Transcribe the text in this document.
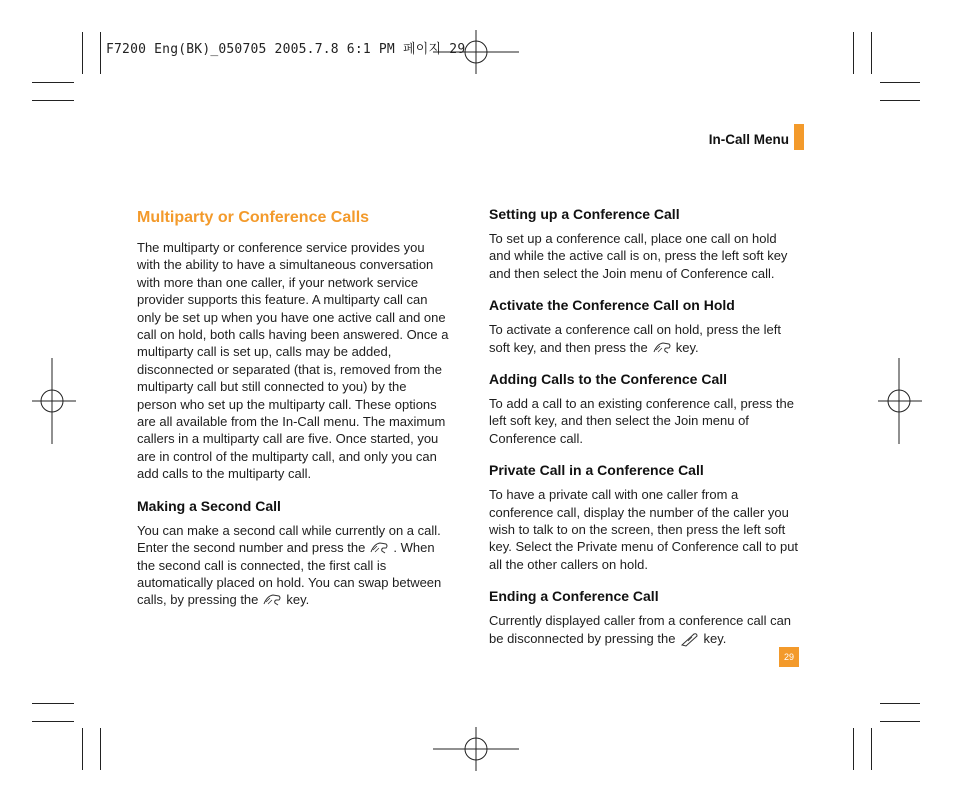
F7200 Eng(BK)_050705 2005.7.8 6:1 PM 페이지 29
In-Call Menu
Multiparty or Conference Calls

The multiparty or conference service provides you with the ability to have a simultaneous conversation with more than one caller, if your network service provider supports this feature. A multiparty call can only be set up when you have one active call and one call on hold, both calls having been answered. Once a multiparty call is set up, calls may be added, disconnected or separated (that is, removed from the multiparty call but still connected to you) by the person who set up the multiparty call. These options are all available from the In-Call menu. The maximum callers in a multiparty call are five. Once started, you are in control of the multiparty call, and only you can add calls to the multiparty call.

Making a Second Call

You can make a second call while currently on a call. Enter the second number and press the . When the second call is connected, the first call is automatically placed on hold. You can swap between calls, by pressing the key.

Setting up a Conference Call

To set up a conference call, place one call on hold and while the active call is on, press the left soft key and then select the Join menu of Conference call.

Activate the Conference Call on Hold

To activate a conference call on hold, press the left soft key, and then press the key.

Adding Calls to the Conference Call

To add a call to an existing conference call, press the left soft key, and then select the Join menu of Conference call.

Private Call in a Conference Call

To have a private call with one caller from a conference call, display the number of the caller you wish to talk to on the screen, then press the left soft key. Select the Private menu of Conference call to put all the other callers on hold.

Ending a Conference Call

Currently displayed caller from a conference call can be disconnected by pressing the key.

29
